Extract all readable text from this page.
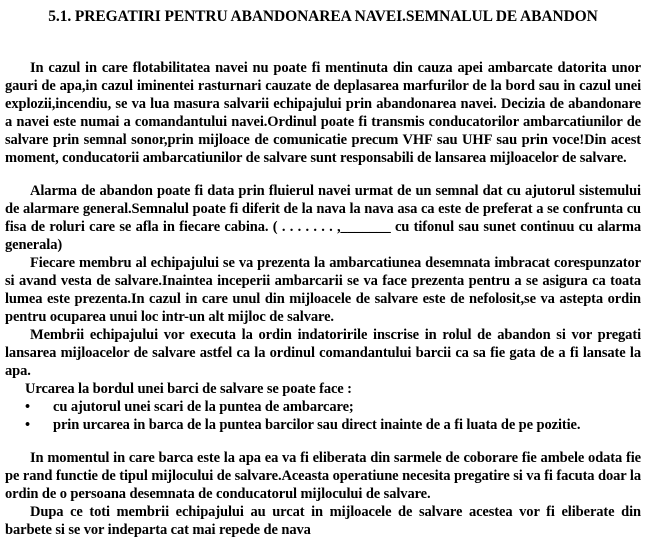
5.1. PREGATIRI PENTRU ABANDONAREA NAVEI.SEMNALUL DE ABANDON

In cazul in care flotabilitatea navei nu poate fi mentinuta din cauza apei ambarcate datorita unor gauri de apa,in cazul iminentei rasturnari cauzate de deplasarea marfurilor de la bord sau in cazul unei explozii,incendiu, se va lua masura salvarii echipajului prin abandonarea navei. Decizia de abandonare a navei este numai a comandantului navei.Ordinul poate fi transmis conducatorilor ambarcatiunilor de salvare prin semnal sonor,prin mijloace de comunicatie precum VHF sau UHF sau prin voce!Din acest moment, conducatorii ambarcatiunilor de salvare sunt responsabili de lansarea mijloacelor de salvare.

Alarma de abandon poate fi data prin fluierul navei urmat de un semnal dat cu ajutorul sistemului de alarmare general.Semnalul poate fi diferit de la nava la nava asa ca este de preferat a se confrunta cu fisa de roluri care se afla in fiecare cabina. ( . . . . . . . ,_______ cu tifonul sau sunet continuu cu alarma generala)

Fiecare membru al echipajului se va prezenta la ambarcatiunea desemnata imbracat corespunzator si avand vesta de salvare.Inaintea inceperii ambarcarii se va face prezenta pentru a se asigura ca toata lumea este prezenta.In cazul in care unul din mijloacele de salvare este de nefolosit,se va astepta ordin pentru ocuparea unui loc intr-un alt mijloc de salvare.

Membrii echipajului vor executa la ordin indatoririle inscrise in rolul de abandon si vor pregati lansarea mijloacelor de salvare astfel ca la ordinul comandantului barcii ca sa fie gata de a fi lansate la apa.

Urcarea la bordul unei barci de salvare se poate face :

•	cu ajutorul unei scari de la puntea de ambarcare;
•	prin urcarea in barca de la puntea barcilor sau direct inainte de a fi luata de pe pozitie.

In momentul in care barca este la apa ea va fi eliberata din sarmele de coborare fie ambele odata fie pe rand functie de tipul mijlocului de salvare.Aceasta operatiune necesita pregatire si va fi facuta doar la ordin de o persoana desemnata de conducatorul mijlocului de salvare.

Dupa ce toti membrii echipajului au urcat in mijloacele de salvare acestea vor fi eliberate din barbete si se vor indeparta cat mai repede de nava
